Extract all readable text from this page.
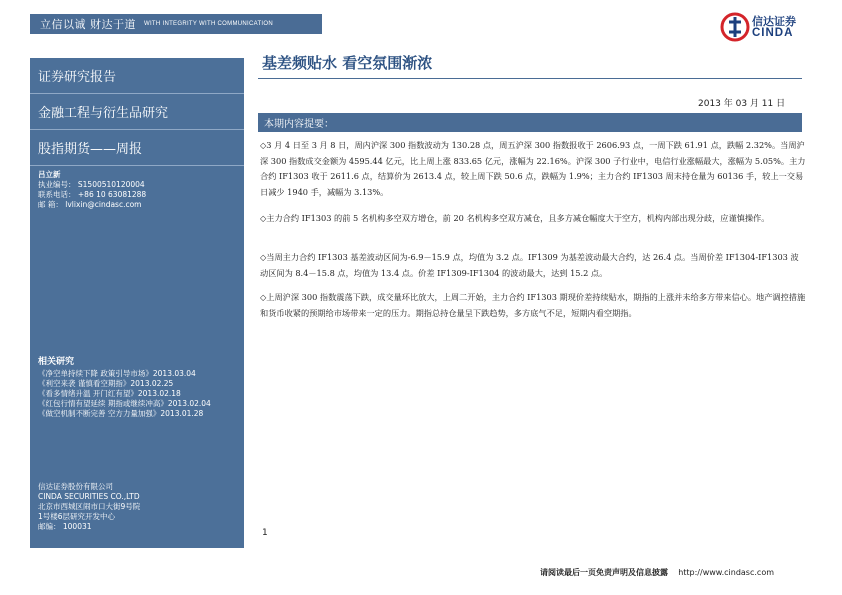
立信以诚 财达于道 WITH INTEGRITY WITH COMMUNICATION	信达证券
CINDA
证券研究报告
金融工程与衍生品研究
股指期货——周报
吕立新
执业编号： S1500510120004
联系电话： +86 10 63081288
邮 箱： lvlixin@cindasc.com
相关研究
《净空单持续下降 政策引导市场》2013.03.04
《利空来袭 谨慎看空期指》2013.02.25
《看多情绪升温 开门红有望》2013.02.18
《红包行情有望延续 期指或继续冲高》2013.02.04
《做空机制不断完善 空方力量加强》2013.01.28
信达证券股份有限公司
CINDA SECURITIES CO.,LTD
北京市西城区闹市口大街9号院
1号楼6层研究开发中心
邮编： 100031
基差频贴水 看空氛围渐浓
2013 年 03 月 11 日
本期内容提要：
◇3 月 4 日至 3 月 8 日，周内沪深 300 指数波动为 130.28 点，周五沪深 300 指数报收于 2606.93 点，一周下跌 61.91 点，跌幅 2.32%。当周沪深 300 指数成交金额为 4595.44 亿元，比上周上涨 833.65 亿元，涨幅为 22.16%。沪深 300 子行业中，电信行业涨幅最大，涨幅为 5.05%。主力合约 IF1303 收于 2611.6 点，结算价为 2613.4 点，较上周下跌 50.6 点，跌幅为 1.9%；主力合约 IF1303 周末持仓量为 60136 手，较上一交易日减少 1940 手，减幅为 3.13%。
◇主力合约 IF1303 的前 5 名机构多空双方增仓，前 20 名机构多空双方减仓，且多方减仓幅度大于空方，机构内部出现分歧，应谨慎操作。
◇当周主力合约 IF1303 基差波动区间为-6.9－15.9 点，均值为 3.2 点。IF1309 为基差波动最大合约，达 26.4 点。当周价差 IF1304-IF1303 波动区间为 8.4－15.8 点，均值为 13.4 点。价差 IF1309-IF1304 的波动最大，达到 15.2 点。
◇上周沪深 300 指数震荡下跌，成交量环比放大，上周二开始，主力合约 IF1303 期现价差持续贴水，期指的上涨并未给多方带来信心。地产调控措施和货币收紧的预期给市场带来一定的压力。期指总持仓量呈下跌趋势，多方底气不足，短期内看空期指。
1
请阅读最后一页免责声明及信息披露 http://www.cindasc.com
